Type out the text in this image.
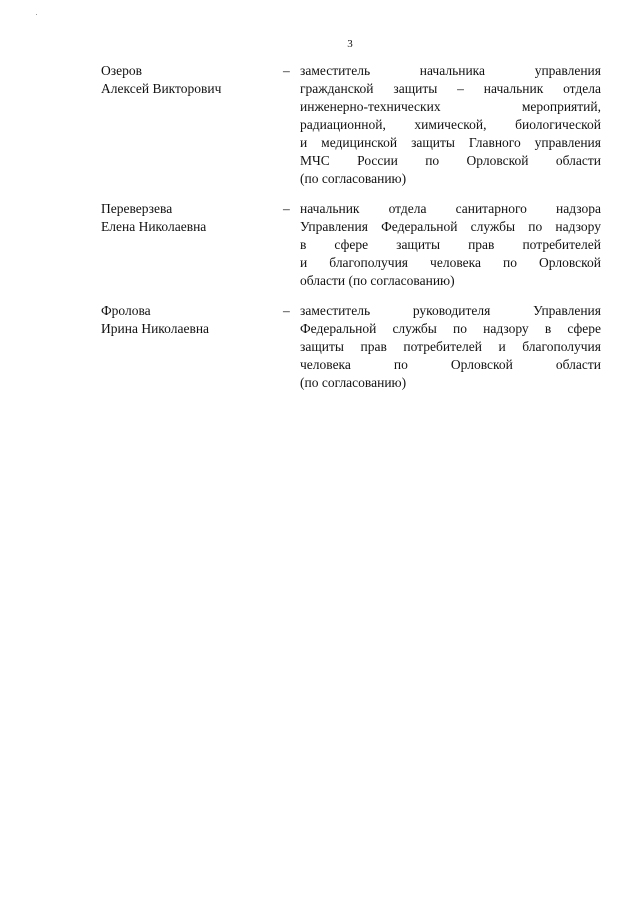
3
Озеров
Алексей Викторович
– заместитель начальника управления
гражданской защиты – начальник отдела
инженерно-технических мероприятий,
радиационной, химической, биологической
и медицинской защиты Главного управления
МЧС России по Орловской области
(по согласованию)
Переверзева
Елена Николаевна
– начальник отдела санитарного надзора
Управления Федеральной службы по надзору
в сфере защиты прав потребителей
и благополучия человека по Орловской
области (по согласованию)
Фролова
Ирина Николаевна
– заместитель руководителя Управления
Федеральной службы по надзору в сфере
защиты прав потребителей и благополучия
человека по Орловской области
(по согласованию)
